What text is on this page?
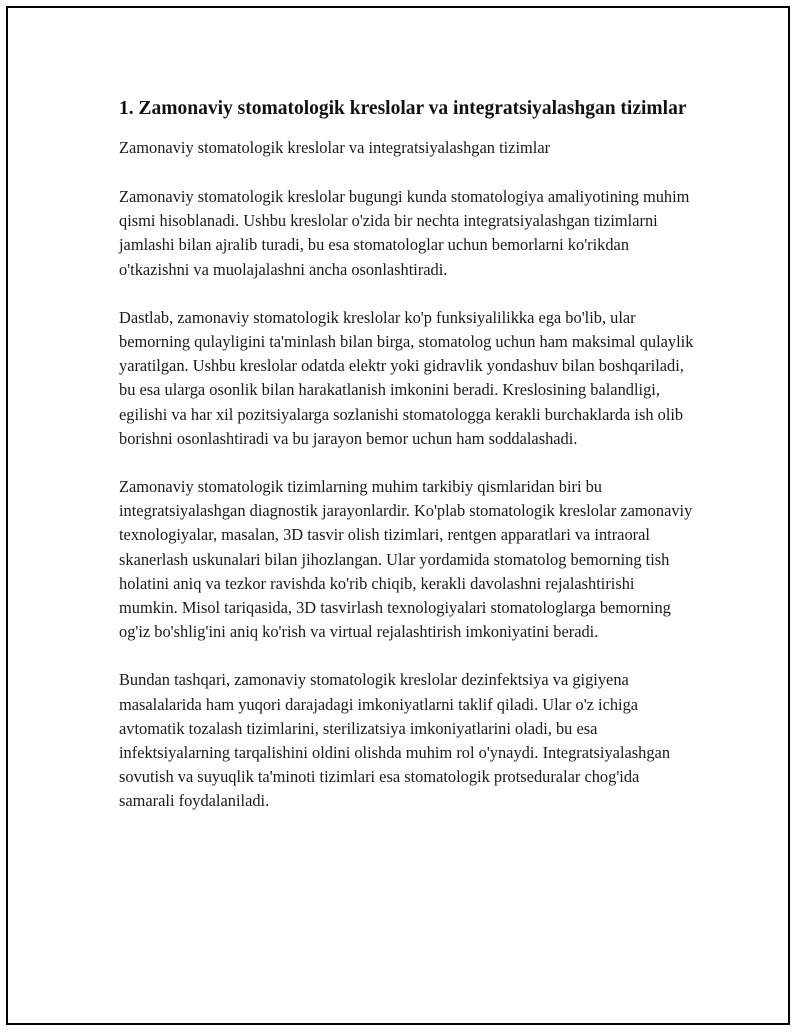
1. Zamonaviy stomatologik kreslolar va integratsiyalashgan tizimlar

Zamonaviy stomatologik kreslolar va integratsiyalashgan tizimlar

Zamonaviy stomatologik kreslolar bugungi kunda stomatologiya amaliyotining muhim qismi hisoblanadi. Ushbu kreslolar o'zida bir nechta integratsiyalashgan tizimlarni jamlashi bilan ajralib turadi, bu esa stomatologlar uchun bemorlarni ko'rikdan o'tkazishni va muolajalashni ancha osonlashtiradi.

Dastlab, zamonaviy stomatologik kreslolar ko'p funksiyalilikka ega bo'lib, ular bemorning qulayligini ta'minlash bilan birga, stomatolog uchun ham maksimal qulaylik yaratilgan. Ushbu kreslolar odatda elektr yoki gidravlik yondashuv bilan boshqariladi, bu esa ularga osonlik bilan harakatlanish imkonini beradi. Kreslosining balandligi, egilishi va har xil pozitsiyalarga sozlanishi stomatologga kerakli burchaklarda ish olib borishni osonlashtiradi va bu jarayon bemor uchun ham soddalashadi.

Zamonaviy stomatologik tizimlarning muhim tarkibiy qismlaridan biri bu integratsiyalashgan diagnostik jarayonlardir. Ko'plab stomatologik kreslolar zamonaviy texnologiyalar, masalan, 3D tasvir olish tizimlari, rentgen apparatlari va intraoral skanerlash uskunalari bilan jihozlangan. Ular yordamida stomatolog bemorning tish holatini aniq va tezkor ravishda ko'rib chiqib, kerakli davolashni rejalashtirishi mumkin. Misol tariqasida, 3D tasvirlash texnologiyalari stomatologlarga bemorning og'iz bo'shlig'ini aniq ko'rish va virtual rejalashtirish imkoniyatini beradi.

Bundan tashqari, zamonaviy stomatologik kreslolar dezinfektsiya va gigiyena masalalarida ham yuqori darajadagi imkoniyatlarni taklif qiladi. Ular o'z ichiga avtomatik tozalash tizimlarini, sterilizatsiya imkoniyatlarini oladi, bu esa infektsiyalarning tarqalishini oldini olishda muhim rol o'ynaydi. Integratsiyalashgan sovutish va suyuqlik ta'minoti tizimlari esa stomatologik protseduralar chog'ida samarali foydalaniladi.
